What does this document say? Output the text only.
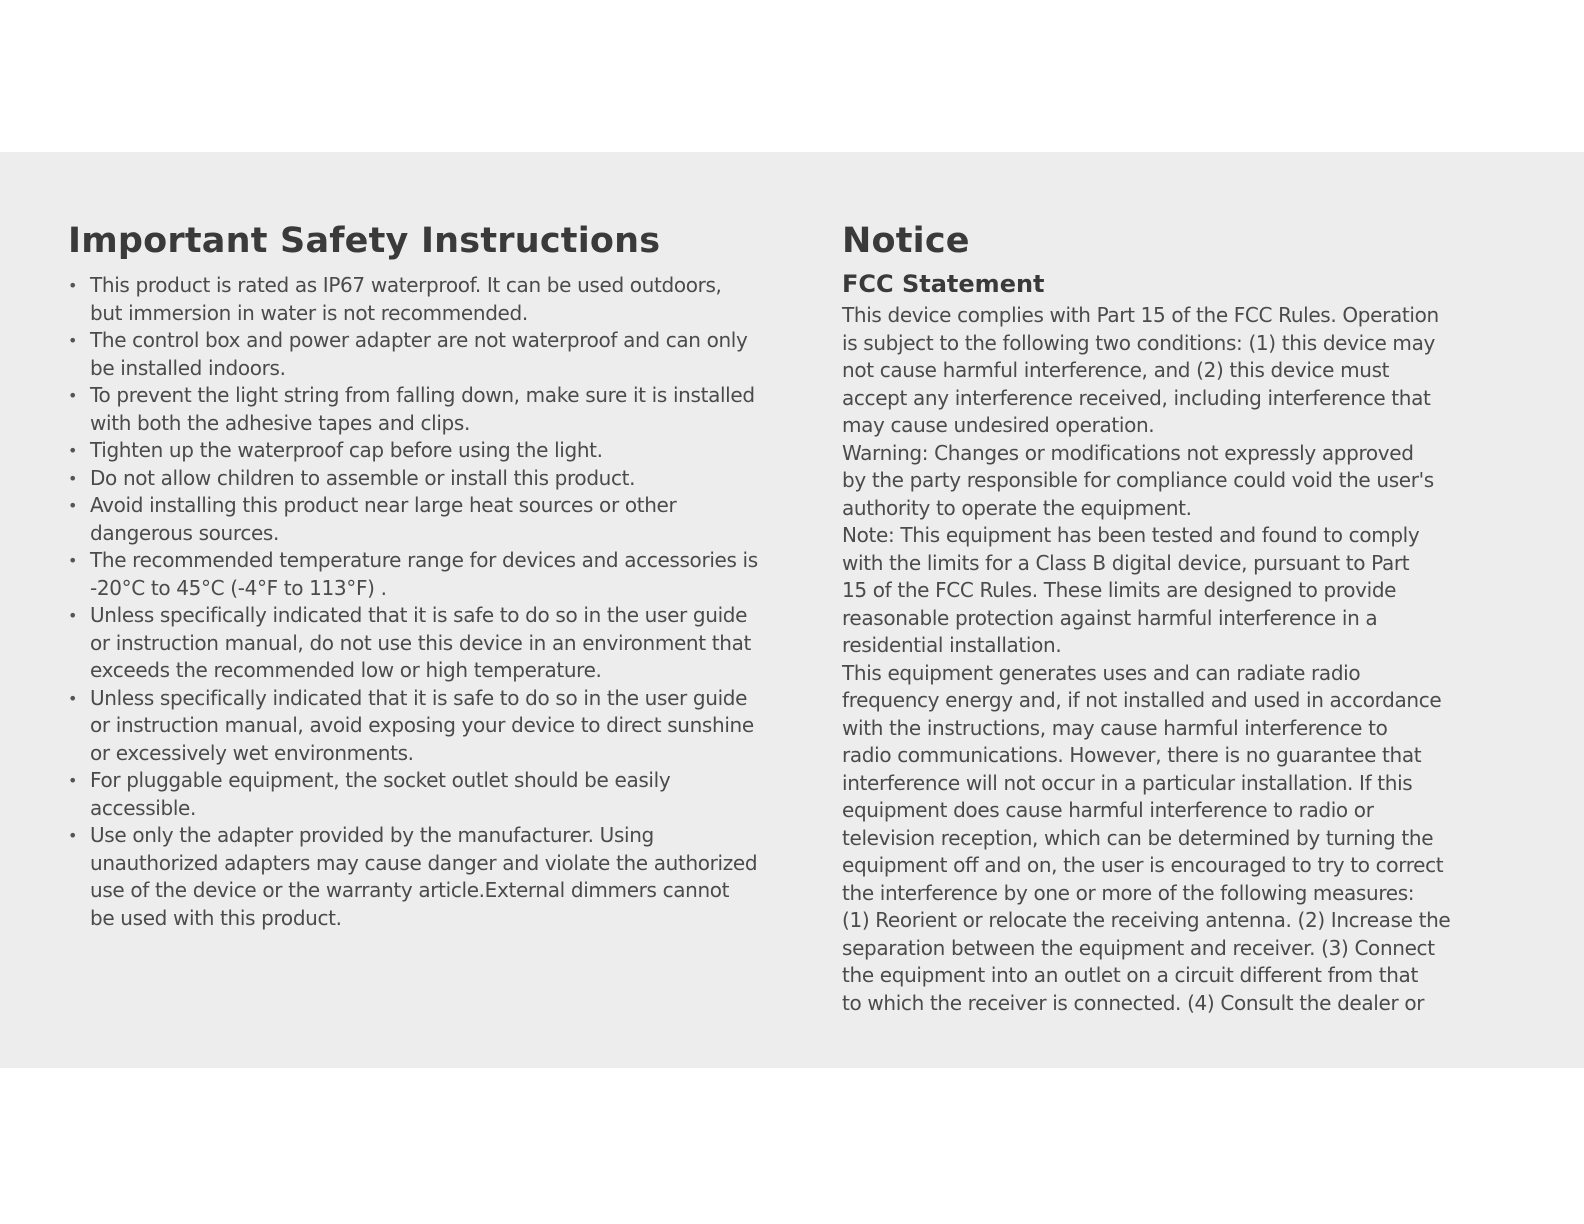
Important Safety Instructions
• This product is rated as IP67 waterproof. It can be used outdoors, but immersion in water is not recommended.
• The control box and power adapter are not waterproof and can only be installed indoors.
• To prevent the light string from falling down, make sure it is installed with both the adhesive tapes and clips.
• Tighten up the waterproof cap before using the light.
• Do not allow children to assemble or install this product.
• Avoid installing this product near large heat sources or other dangerous sources.
• The recommended temperature range for devices and accessories is -20°C to 45°C (-4°F to 113°F) .
• Unless specifically indicated that it is safe to do so in the user guide or instruction manual, do not use this device in an environment that exceeds the recommended low or high temperature.
• Unless specifically indicated that it is safe to do so in the user guide or instruction manual, avoid exposing your device to direct sunshine or excessively wet environments.
• For pluggable equipment, the socket outlet should be easily accessible.
• Use only the adapter provided by the manufacturer. Using unauthorized adapters may cause danger and violate the authorized use of the device or the warranty article.External dimmers cannot be used with this product.
Notice
FCC Statement

This device complies with Part 15 of the FCC Rules. Operation
is subject to the following two conditions: (1) this device may
not cause harmful interference, and (2) this device must
accept any interference received, including interference that
may cause undesired operation.

Warning: Changes or modifications not expressly approved
by the party responsible for compliance could void the user's
authority to operate the equipment.

Note: This equipment has been tested and found to comply
with the limits for a Class B digital device, pursuant to Part
15 of the FCC Rules. These limits are designed to provide
reasonable protection against harmful interference in a
residential installation.

This equipment generates uses and can radiate radio
frequency energy and, if not installed and used in accordance
with the instructions, may cause harmful interference to
radio communications. However, there is no guarantee that
interference will not occur in a particular installation. If this
equipment does cause harmful interference to radio or
television reception, which can be determined by turning the
equipment off and on, the user is encouraged to try to correct
the interference by one or more of the following measures:
(1) Reorient or relocate the receiving antenna. (2) Increase the
separation between the equipment and receiver. (3) Connect
the equipment into an outlet on a circuit different from that
to which the receiver is connected. (4) Consult the dealer or
